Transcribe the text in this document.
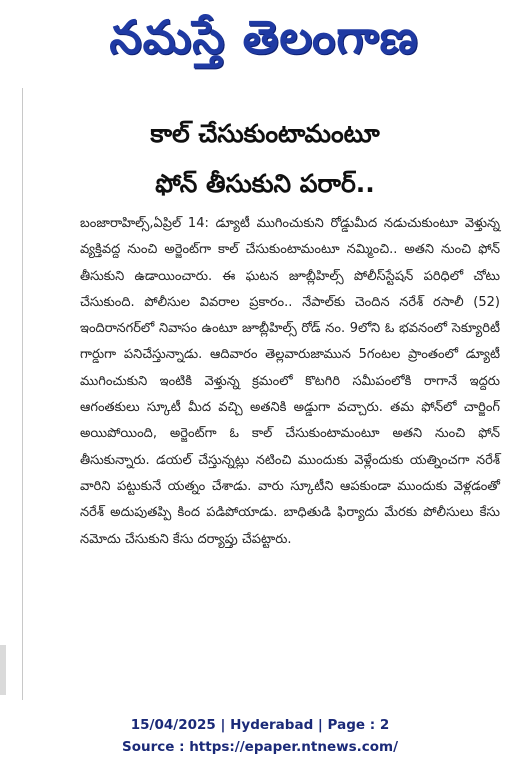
నమస్తే తెలంగాణ
కాల్‌ చేసుకుంటామంటూ
ఫోన్‌ తీసుకుని పరార్‌..

బంజారాహిల్స్‌,ఏప్రిల్‌ 14: డ్యూటీ ముగించుకుని రోడ్డుమీద నడుచుకుంటూ వెళ్తున్న వ్యక్తివద్ద నుంచి అర్జెంట్‌గా కాల్‌ చేసుకుంటామంటూ నమ్మించి.. అతని నుంచి ఫోన్‌ తీసుకుని ఉడాయించారు. ఈ ఘటన జూబ్లీహిల్స్‌ పోలీస్‌స్టేషన్‌ పరిధిలో చోటు చేసుకుంది. పోలీసుల వివరాల ప్రకారం.. నేపాల్‌కు చెందిన నరేశ్‌ రసాలీ (52) ఇందిరానగర్‌లో నివాసం ఉంటూ జూబ్లీహిల్స్‌ రోడ్‌ నం. 9లోని ఓ భవనంలో సెక్యూరిటీ గార్డుగా పనిచేస్తున్నాడు. ఆదివారం తెల్లవారుజామున 5గంటల ప్రాంతంలో డ్యూటీ ముగించుకుని ఇంటికి వెళ్తున్న క్రమంలో కొటగిరి సమీపంలోకి రాగానే ఇద్దరు ఆగంతకులు స్కూటీ మీద వచ్చి అతనికి అడ్డుగా వచ్చారు. తమ ఫోన్‌లో చార్జింగ్‌ అయిపోయింది, అర్జెంట్‌గా ఓ కాల్‌ చేసుకుంటామంటూ అతని నుంచి ఫోన్‌ తీసుకున్నారు. డయల్‌ చేస్తున్నట్లు నటించి ముందుకు వెళ్లేందుకు యత్నించగా నరేశ్‌ వారిని పట్టుకునే యత్నం చేశాడు. వారు స్కూటీని ఆపకుండా ముందుకు వెళ్లడంతో నరేశ్‌ అదుపుతప్పి కింద పడిపోయాడు. బాధితుడి ఫిర్యాదు మేరకు పోలీసులు కేసు నమోదు చేసుకుని కేసు దర్యాప్తు చేపట్టారు.

15/04/2025 | Hyderabad | Page : 2
Source : https://epaper.ntnews.com/
